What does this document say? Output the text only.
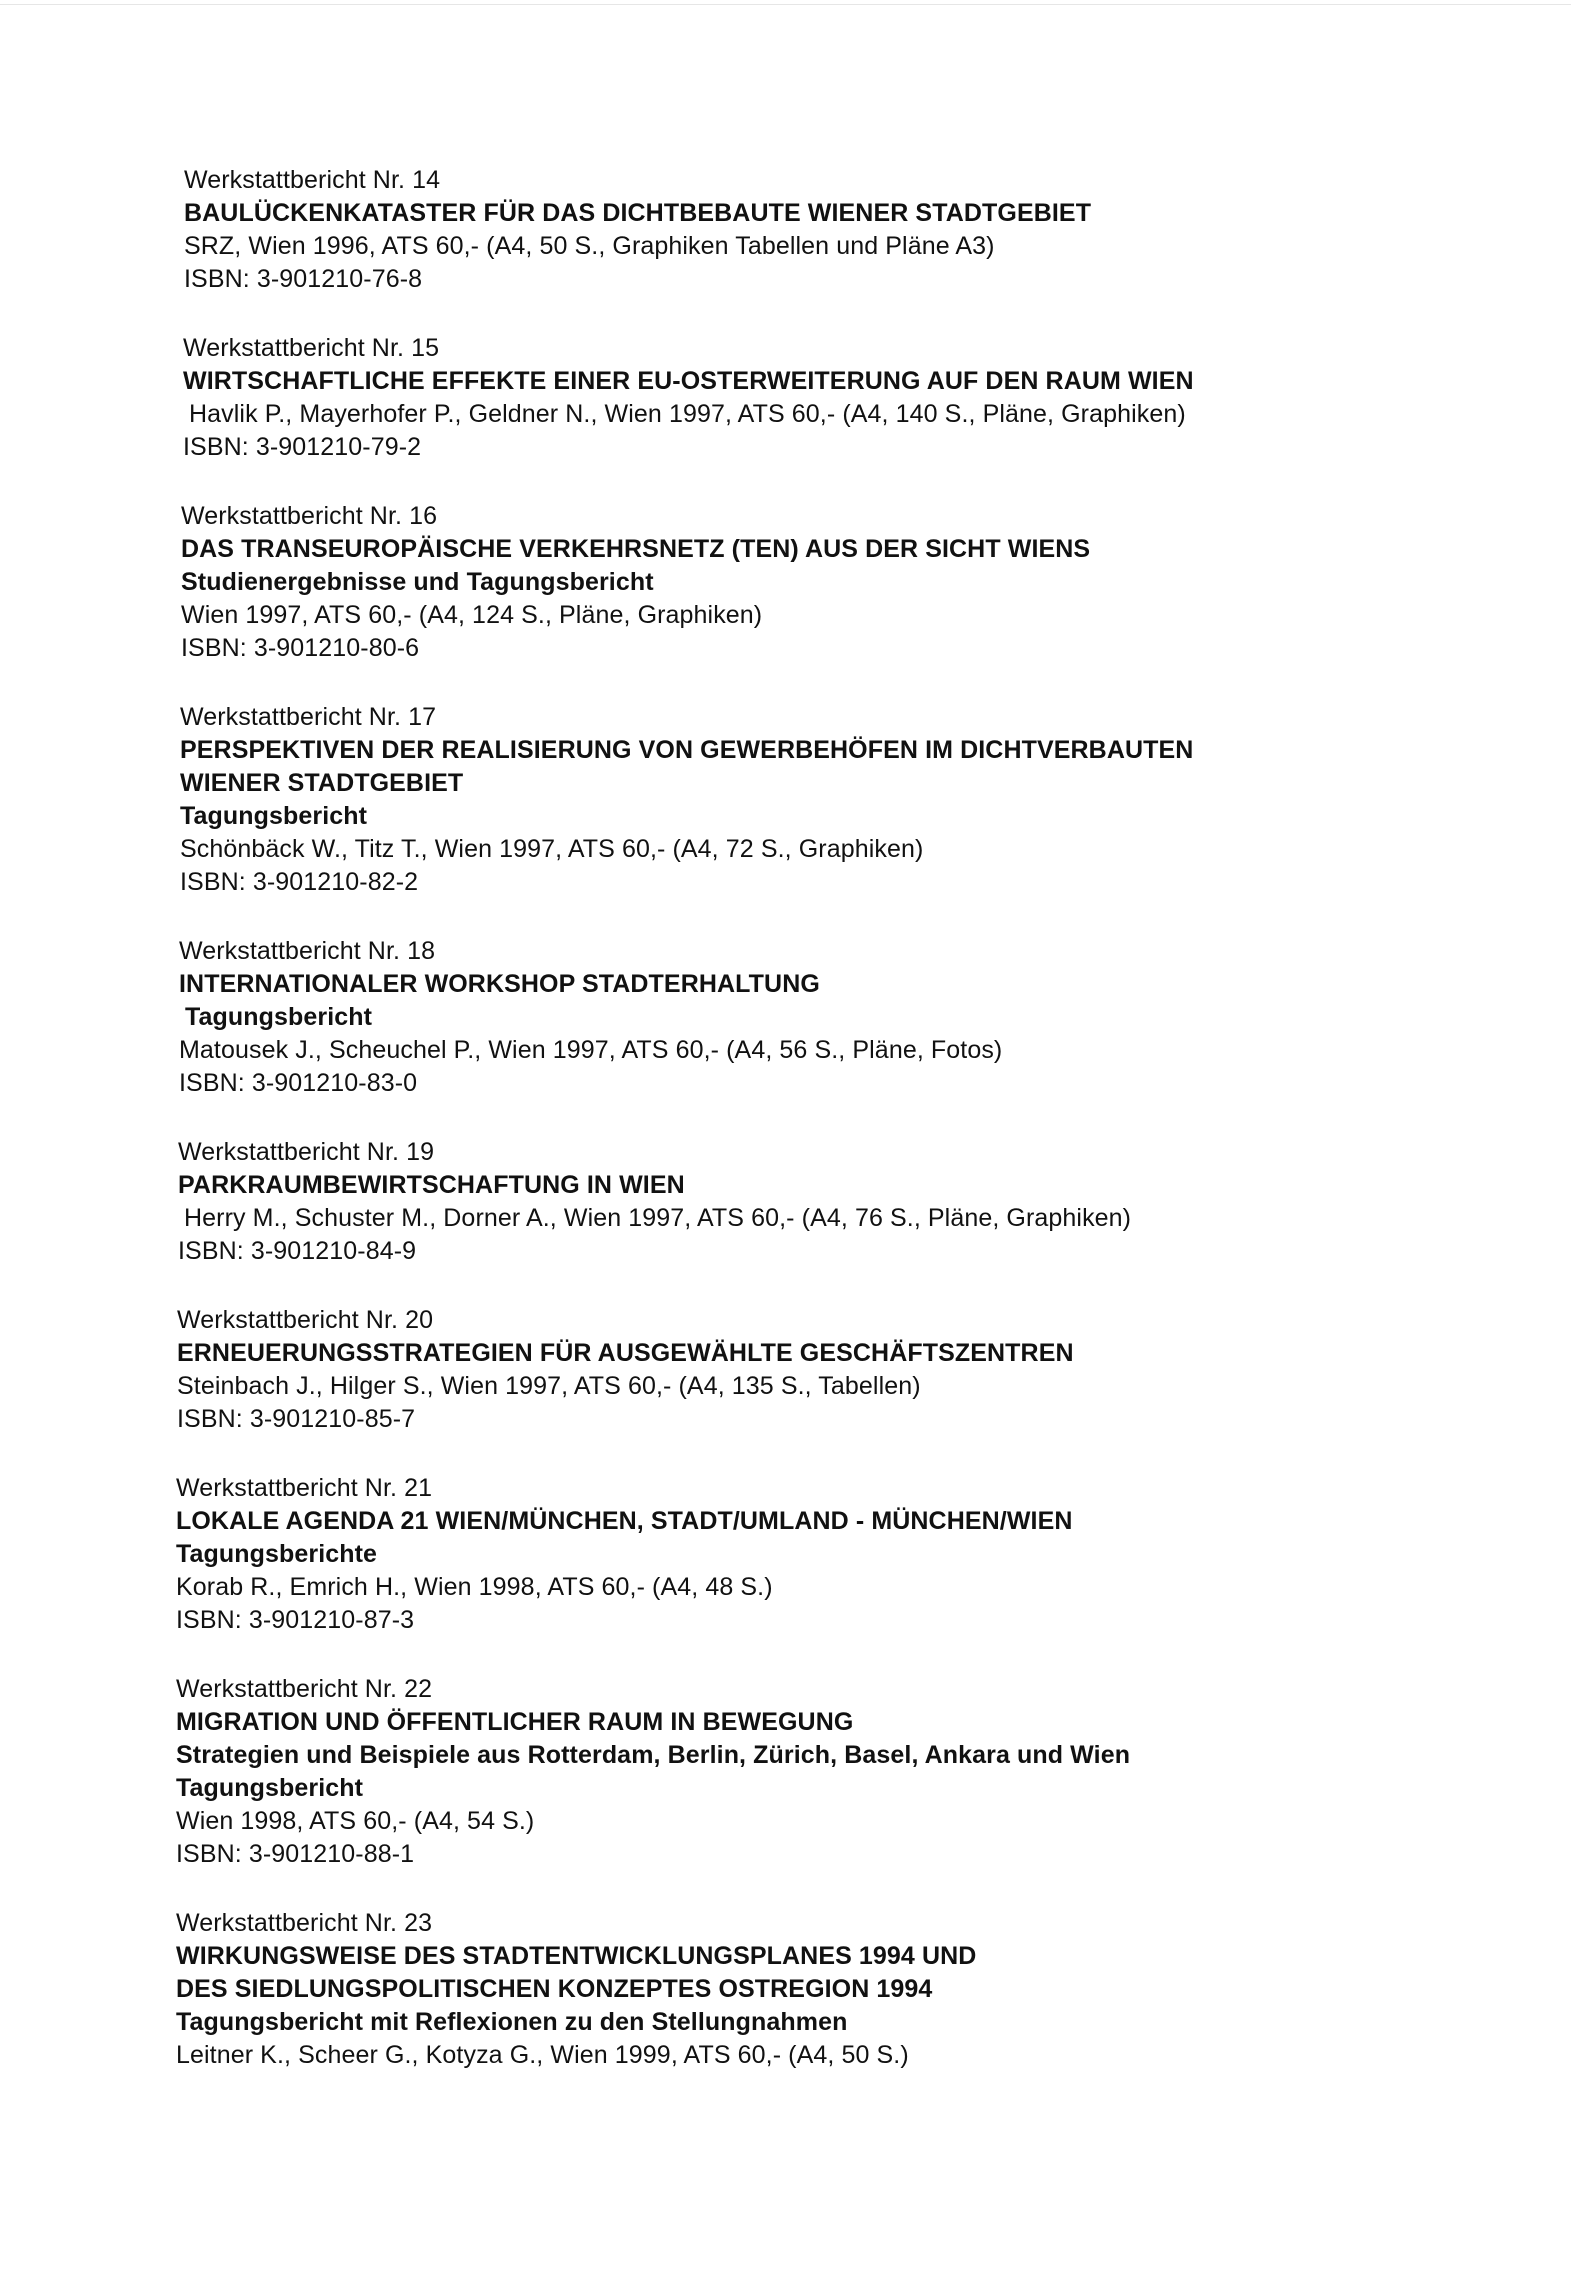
Werkstattbericht Nr. 14
BAULÜCKENKATASTER FÜR DAS DICHTBEBAUTE WIENER STADTGEBIET
SRZ, Wien 1996, ATS 60,- (A4, 50 S., Graphiken Tabellen und Pläne A3)
ISBN: 3-901210-76-8
Werkstattbericht Nr. 15
WIRTSCHAFTLICHE EFFEKTE EINER EU-OSTERWEITERUNG AUF DEN RAUM WIEN
Havlik P., Mayerhofer P., Geldner N., Wien 1997, ATS 60,- (A4, 140 S., Pläne, Graphiken)
ISBN: 3-901210-79-2
Werkstattbericht Nr. 16
DAS TRANSEUROPÄISCHE VERKEHRSNETZ (TEN) AUS DER SICHT WIENS
Studienergebnisse und Tagungsbericht
Wien 1997, ATS 60,- (A4, 124 S., Pläne, Graphiken)
ISBN: 3-901210-80-6
Werkstattbericht Nr. 17
PERSPEKTIVEN DER REALISIERUNG VON GEWERBEHÖFEN IM DICHTVERBAUTEN
WIENER STADTGEBIET
Tagungsbericht
Schönbäck W., Titz T., Wien 1997, ATS 60,- (A4, 72 S., Graphiken)
ISBN: 3-901210-82-2
Werkstattbericht Nr. 18
INTERNATIONALER WORKSHOP STADTERHALTUNG
Tagungsbericht
Matousek J., Scheuchel P., Wien 1997, ATS 60,- (A4, 56 S., Pläne, Fotos)
ISBN: 3-901210-83-0
Werkstattbericht Nr. 19
PARKRAUMBEWIRTSCHAFTUNG IN WIEN
Herry M., Schuster M., Dorner A., Wien 1997, ATS 60,- (A4, 76 S., Pläne, Graphiken)
ISBN: 3-901210-84-9
Werkstattbericht Nr. 20
ERNEUERUNGSSTRATEGIEN FÜR AUSGEWÄHLTE GESCHÄFTSZENTREN
Steinbach J., Hilger S., Wien 1997, ATS 60,- (A4, 135 S., Tabellen)
ISBN: 3-901210-85-7
Werkstattbericht Nr. 21
LOKALE AGENDA 21 WIEN/MÜNCHEN, STADT/UMLAND - MÜNCHEN/WIEN
Tagungsberichte
Korab R., Emrich H., Wien 1998, ATS 60,- (A4, 48 S.)
ISBN: 3-901210-87-3
Werkstattbericht Nr. 22
MIGRATION UND ÖFFENTLICHER RAUM IN BEWEGUNG
Strategien und Beispiele aus Rotterdam, Berlin, Zürich, Basel, Ankara und Wien
Tagungsbericht
Wien 1998, ATS 60,- (A4, 54 S.)
ISBN: 3-901210-88-1
Werkstattbericht Nr. 23
WIRKUNGSWEISE DES STADTENTWICKLUNGSPLANES 1994 UND
DES SIEDLUNGSPOLITISCHEN KONZEPTES OSTREGION 1994
Tagungsbericht mit Reflexionen zu den Stellungnahmen
Leitner K., Scheer G., Kotyza G., Wien 1999, ATS 60,- (A4, 50 S.)
